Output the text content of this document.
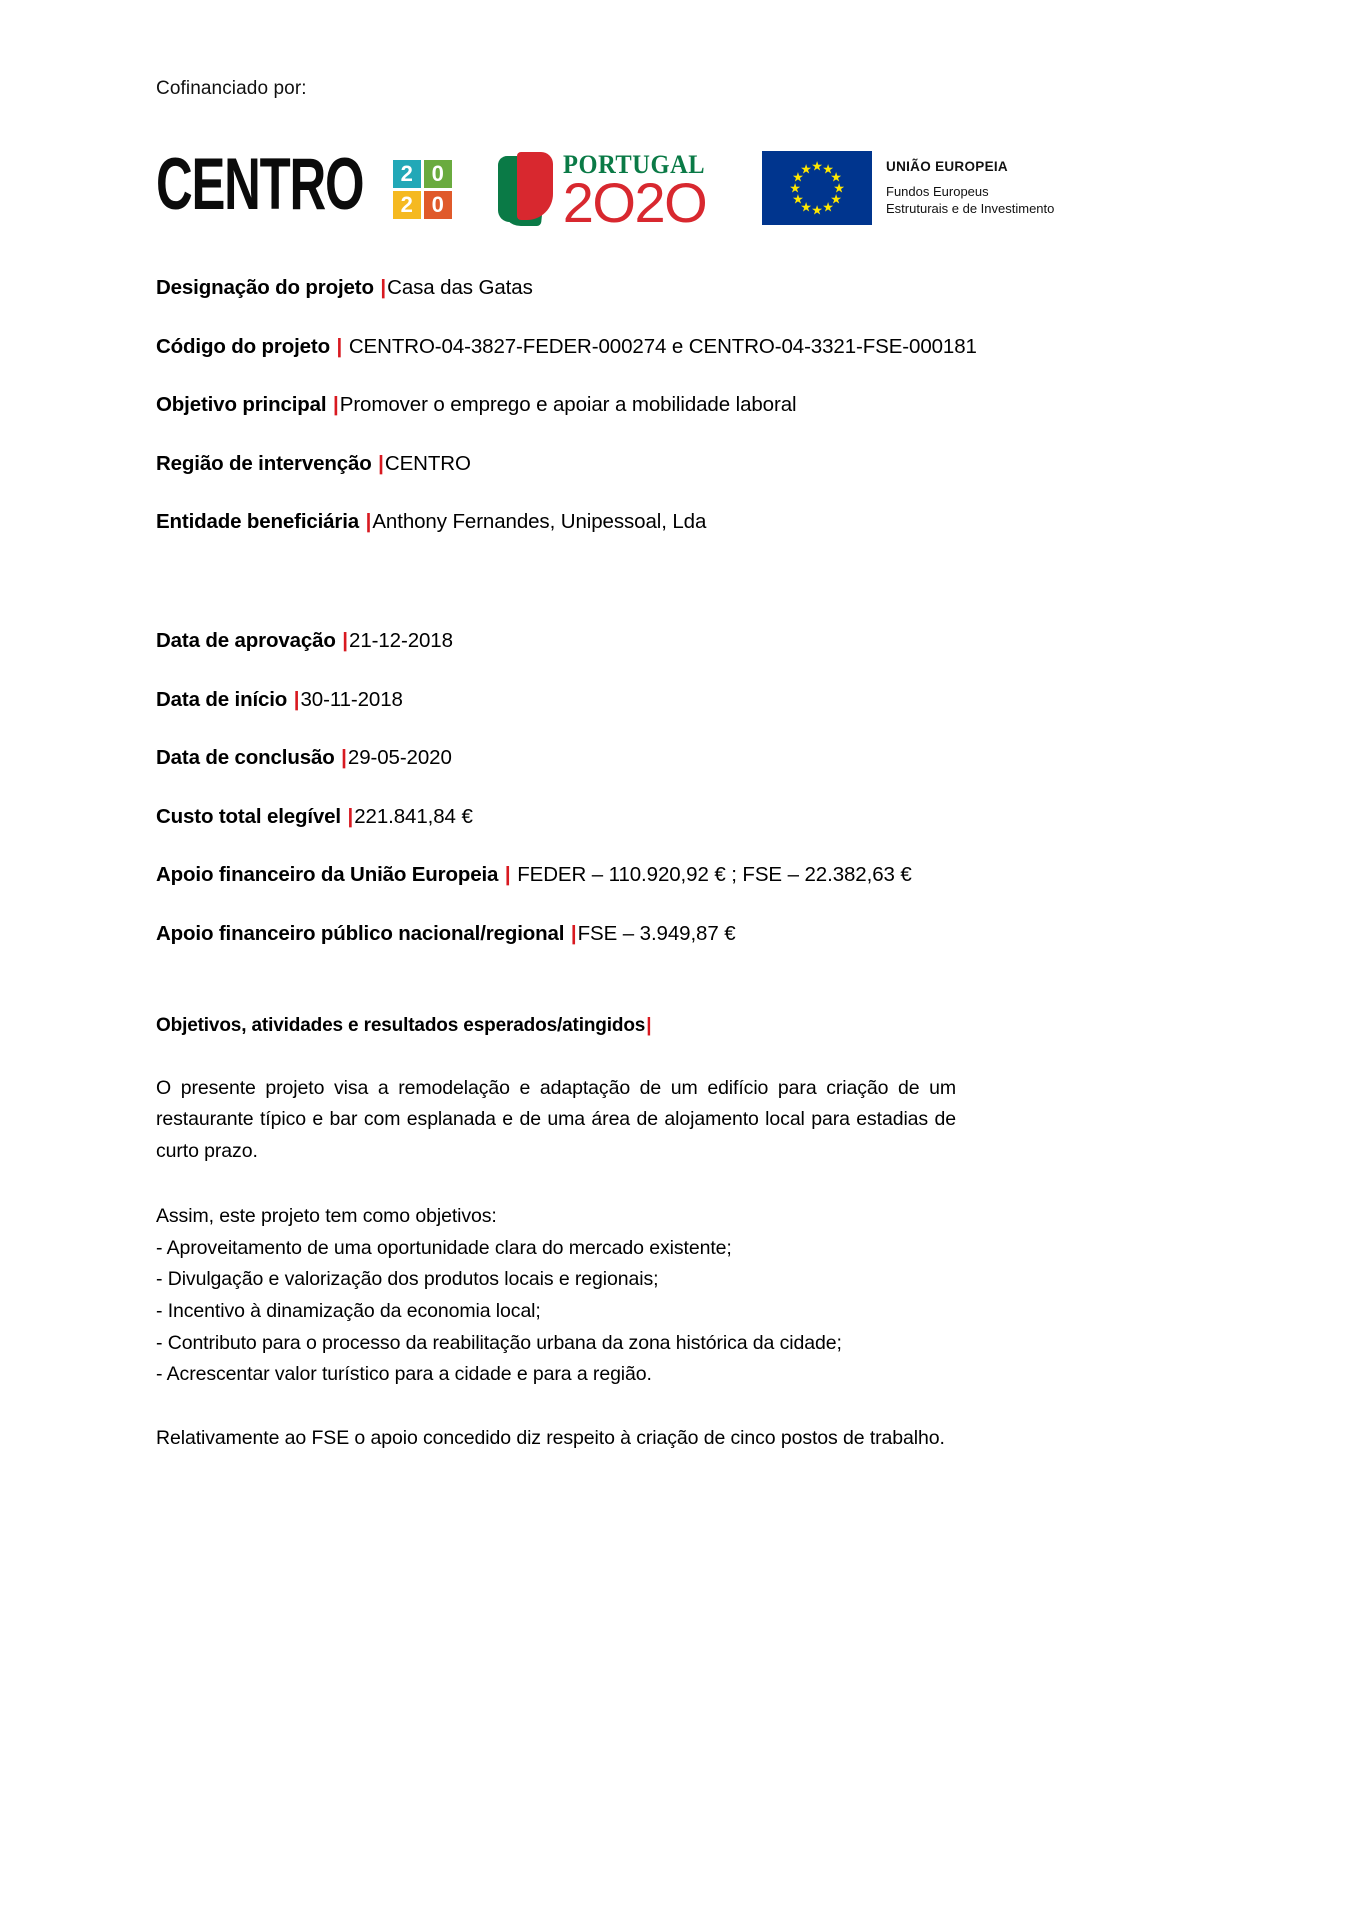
Cofinanciado por:
CENTRO	2 0
2 0
PORTUGAL
2O2O
★ ★
★
★
★
★
★
★
★
★
★
★	UNIÃO EUROPEIA
Fundos Europeus
Estruturais e de Investimento
Designação do projeto |Casa das Gatas
Código do projeto | CENTRO-04-3827-FEDER-000274 e CENTRO-04-3321-FSE-000181
Objetivo principal |Promover o emprego e apoiar a mobilidade laboral
Região de intervenção |CENTRO
Entidade beneficiária |Anthony Fernandes, Unipessoal, Lda
Data de aprovação |21-12-2018
Data de início |30-11-2018
Data de conclusão |29-05-2020
Custo total elegível |221.841,84 €
Apoio financeiro da União Europeia | FEDER – 110.920,92 € ; FSE – 22.382,63 €
Apoio financeiro público nacional/regional |FSE – 3.949,87 €
Objetivos, atividades e resultados esperados/atingidos|

O presente projeto visa a remodelação e adaptação de um edifício para criação de um restaurante típico e bar com esplanada e de uma área de alojamento local para estadias de curto prazo.

Assim, este projeto tem como objetivos:

- Aproveitamento de uma oportunidade clara do mercado existente;

- Divulgação e valorização dos produtos locais e regionais;

- Incentivo à dinamização da economia local;

- Contributo para o processo da reabilitação urbana da zona histórica da cidade;

- Acrescentar valor turístico para a cidade e para a região.

Relativamente ao FSE o apoio concedido diz respeito à criação de cinco postos de trabalho.
